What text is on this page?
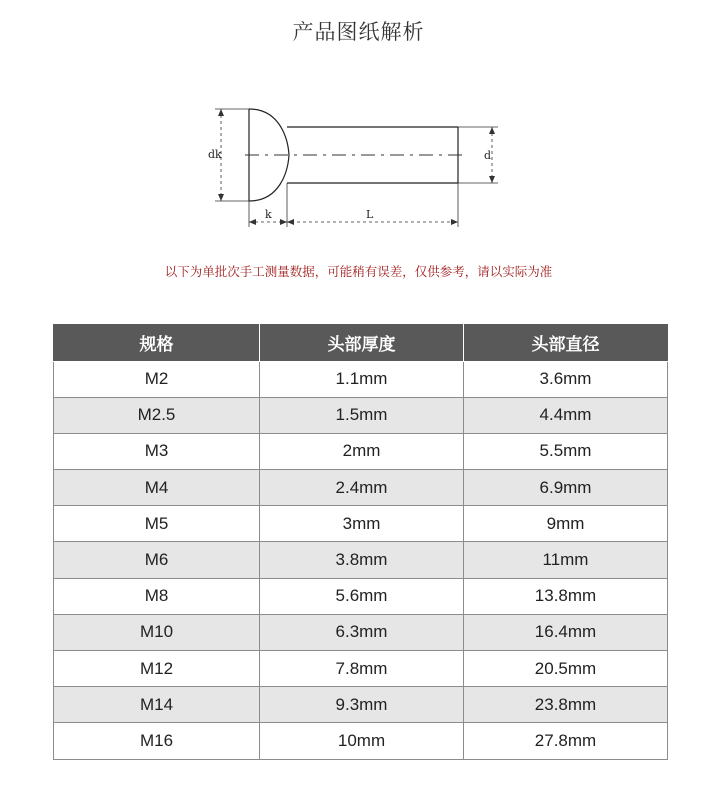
产品图纸解析
dk	d
k	L
以下为单批次手工测量数据，可能稍有误差，仅供参考，请以实际为准
规格	头部厚度	头部直径
M2	1.1mm	3.6mm
M2.5	1.5mm	4.4mm
M3	2mm	5.5mm
M4	2.4mm	6.9mm
M5	3mm	9mm
M6	3.8mm	11mm
M8	5.6mm	13.8mm
M10	6.3mm	16.4mm
M12	7.8mm	20.5mm
M14	9.3mm	23.8mm
M16	10mm	27.8mm
